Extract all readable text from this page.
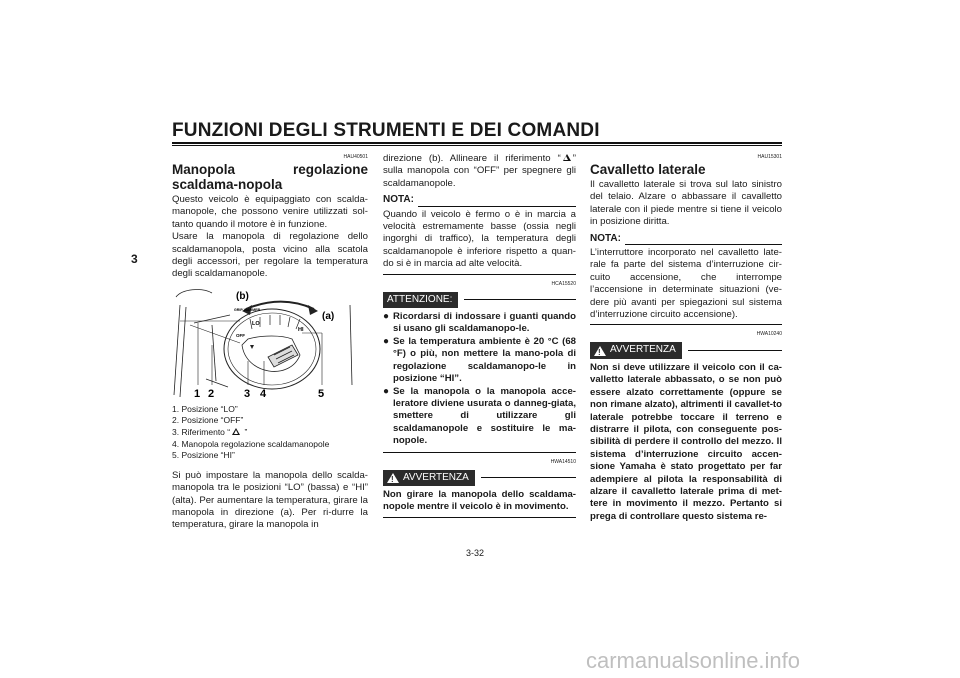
FUNZIONI DEGLI STRUMENTI E DEI COMANDI
3
HAU40501
Manopola regolazione scaldama-nopola

Questo veicolo è equipaggiato con scalda-manopole, che possono venire utilizzati sol-tanto quando il motore è in funzione.

Usare la manopola di regolazione dello scaldamanopola, posta vicino alla scatola degli accessori, per regolare la temperatura degli scaldamanopole.

(b)
(a)
GRIP WARMER
LO
HI
OFF
1 2	3 4	5
1. Posizione “LO”
2. Posizione “OFF”
3. Riferimento “ ”
4. Manopola regolazione scaldamanopole
5. Posizione “HI”

Si può impostare la manopola dello scalda-manopola tra le posizioni “LO” (bassa) e “HI” (alta). Per aumentare la temperatura, girare la manopola in direzione (a). Per ri-durre la temperatura, girare la manopola in

direzione (b). Allineare il riferimento “ ” sulla manopola con “OFF” per spegnere gli scaldamanopole.

NOTA:

Quando il veicolo è fermo o è in marcia a velocità estremamente basse (ossia negli ingorghi di traffico), la temperatura degli scaldamanopole è inferiore rispetto a quan-do si è in marcia ad alte velocità.

HCA15520
ATTENZIONE:
● Ricordarsi di indossare i guanti quando si usano gli scaldamanopo-le.
● Se la temperatura ambiente è 20 °C (68 °F) o più, non mettere la mano-pola di regolazione scaldamanopo-le in posizione “HI”.
● Se la manopola o la manopola acce-leratore diviene usurata o danneg-giata, smettere di utilizzare gli scaldamanopole e sostituire le ma-nopole.
HWA14510
! AVVERTENZA

Non girare la manopola dello scaldama-nopole mentre il veicolo è in movimento.

HAU15301
Cavalletto laterale

Il cavalletto laterale si trova sul lato sinistro del telaio. Alzare o abbassare il cavalletto laterale con il piede mentre si tiene il veicolo in posizione diritta.

NOTA:

L’interruttore incorporato nel cavalletto late-rale fa parte del sistema d’interruzione cir-cuito accensione, che interrompe l’accensione in determinate situazioni (ve-dere più avanti per spiegazioni sul sistema d’interruzione circuito accensione).

HWA10240
! AVVERTENZA

Non si deve utilizzare il veicolo con il ca-valletto laterale abbassato, o se non può essere alzato correttamente (oppure se non rimane alzato), altrimenti il cavallet-to laterale potrebbe toccare il terreno e distrarre il pilota, con conseguente pos-sibilità di perdere il controllo del mezzo. Il sistema d’interruzione circuito accen-sione Yamaha è stato progettato per far adempiere al pilota la responsabilità di alzare il cavalletto laterale prima di met-tere in movimento il mezzo. Pertanto si prega di controllare questo sistema re-

3-32
carmanualsonline.info
